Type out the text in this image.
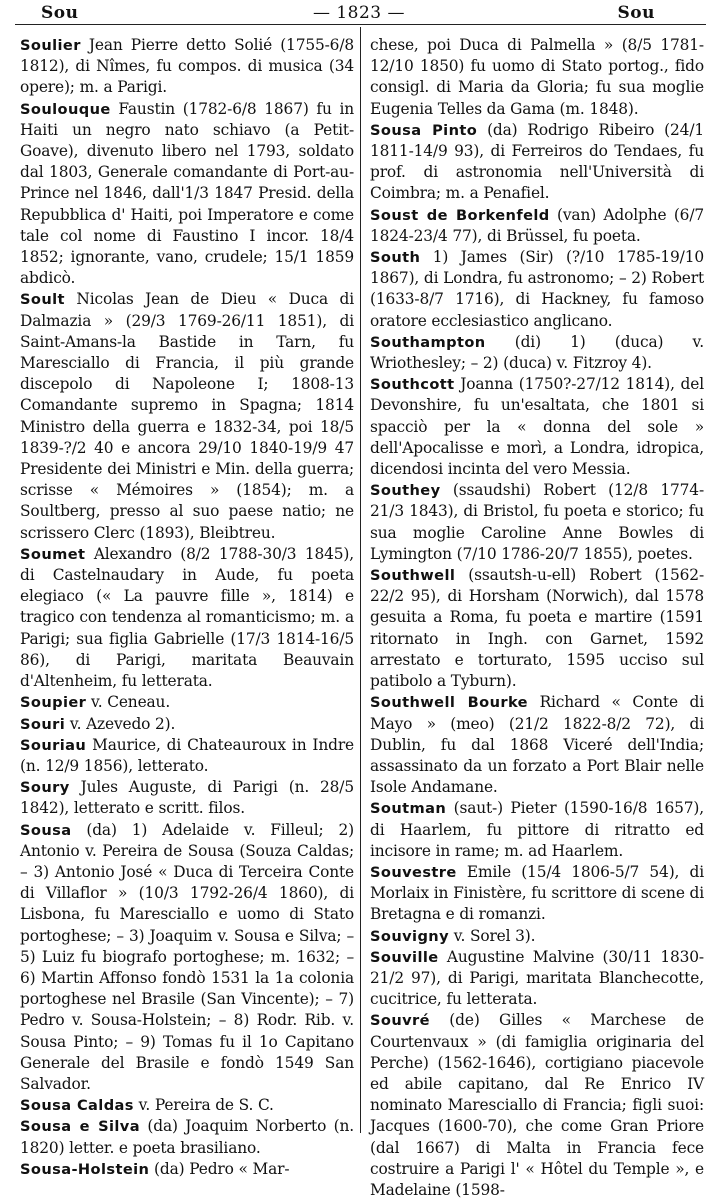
Sou	— 1823 —	Sou

Soulier Jean Pierre detto Solié (1755-6/8 1812), di Nîmes, fu compos. di musica (34 opere); m. a Parigi.

Soulouque Faustin (1782-6/8 1867) fu in Haiti un negro nato schiavo (a Petit-Goave), divenuto libero nel 1793, soldato dal 1803, Generale comandante di Port-au-Prince nel 1846, dall'1/3 1847 Presid. della Repubblica d' Haiti, poi Imperatore e come tale col nome di Faustino I incor. 18/4 1852; ignorante, vano, crudele; 15/1 1859 abdicò.

Soult Nicolas Jean de Dieu « Duca di Dalmazia » (29/3 1769-26/11 1851), di Saint-Amans-la Bastide in Tarn, fu Maresciallo di Francia, il più grande discepolo di Napoleone I; 1808-13 Comandante supremo in Spagna; 1814 Ministro della guerra e 1832-34, poi 18/5 1839-?/2 40 e ancora 29/10 1840-19/9 47 Presidente dei Ministri e Min. della guerra; scrisse « Mémoires » (1854); m. a Soultberg, presso al suo paese natio; ne scrissero Clerc (1893), Bleibtreu.

Soumet Alexandro (8/2 1788-30/3 1845), di Castelnaudary in Aude, fu poeta elegiaco (« La pauvre fille », 1814) e tragico con tendenza al romanticismo; m. a Parigi; sua figlia Gabrielle (17/3 1814-16/5 86), di Parigi, maritata Beauvain d'Altenheim, fu letterata.

Soupier v. Ceneau.

Souri v. Azevedo 2).

Souriau Maurice, di Chateauroux in Indre (n. 12/9 1856), letterato.

Soury Jules Auguste, di Parigi (n. 28/5 1842), letterato e scritt. filos.

Sousa (da) 1) Adelaide v. Filleul; 2) Antonio v. Pereira de Sousa (Souza Caldas; – 3) Antonio José « Duca di Terceira Conte di Villaflor » (10/3 1792-26/4 1860), di Lisbona, fu Maresciallo e uomo di Stato portoghese; – 3) Joaquim v. Sousa e Silva; – 5) Luiz fu biografo portoghese; m. 1632; – 6) Martin Affonso fondò 1531 la 1a colonia portoghese nel Brasile (San Vincente); – 7) Pedro v. Sousa-Holstein; – 8) Rodr. Rib. v. Sousa Pinto; – 9) Tomas fu il 1o Capitano Generale del Brasile e fondò 1549 San Salvador.

Sousa Caldas v. Pereira de S. C.

Sousa e Silva (da) Joaquim Norberto (n. 1820) letter. e poeta brasiliano.

Sousa-Holstein (da) Pedro « Mar-

chese, poi Duca di Palmella » (8/5 1781-12/10 1850) fu uomo di Stato portog., fido consigl. di Maria da Gloria; fu sua moglie Eugenia Telles da Gama (m. 1848).

Sousa Pinto (da) Rodrigo Ribeiro (24/1 1811-14/9 93), di Ferreiros do Tendaes, fu prof. di astronomia nell'Università di Coimbra; m. a Penafiel.

Soust de Borkenfeld (van) Adolphe (6/7 1824-23/4 77), di Brüssel, fu poeta.

South 1) James (Sir) (?/10 1785-19/10 1867), di Londra, fu astronomo; – 2) Robert (1633-8/7 1716), di Hackney, fu famoso oratore ecclesiastico anglicano.

Southampton (di) 1) (duca) v. Wriothesley; – 2) (duca) v. Fitzroy 4).

Southcott Joanna (1750?-27/12 1814), del Devonshire, fu un'esaltata, che 1801 si spacciò per la « donna del sole » dell'Apocalisse e morì, a Londra, idropica, dicendosi incinta del vero Messia.

Southey (ssaudshi) Robert (12/8 1774-21/3 1843), di Bristol, fu poeta e storico; fu sua moglie Caroline Anne Bowles di Lymington (7/10 1786-20/7 1855), poetes.

Southwell (ssautsh-u-ell) Robert (1562-22/2 95), di Horsham (Norwich), dal 1578 gesuita a Roma, fu poeta e martire (1591 ritornato in Ingh. con Garnet, 1592 arrestato e torturato, 1595 ucciso sul patibolo a Tyburn).

Southwell Bourke Richard « Conte di Mayo » (meo) (21/2 1822-8/2 72), di Dublin, fu dal 1868 Viceré dell'India; assassinato da un forzato a Port Blair nelle Isole Andamane.

Soutman (saut-) Pieter (1590-16/8 1657), di Haarlem, fu pittore di ritratto ed incisore in rame; m. ad Haarlem.

Souvestre Emile (15/4 1806-5/7 54), di Morlaix in Finistère, fu scrittore di scene di Bretagna e di romanzi.

Souvigny v. Sorel 3).

Souville Augustine Malvine (30/11 1830-21/2 97), di Parigi, maritata Blanchecotte, cucitrice, fu letterata.

Souvré (de) Gilles « Marchese de Courtenvaux » (di famiglia originaria del Perche) (1562-1646), cortigiano piacevole ed abile capitano, dal Re Enrico IV nominato Maresciallo di Francia; figli suoi: Jacques (1600-70), che come Gran Priore (dal 1667) di Malta in Francia fece costruire a Parigi l' « Hôtel du Temple », e Madelaine (1598-
